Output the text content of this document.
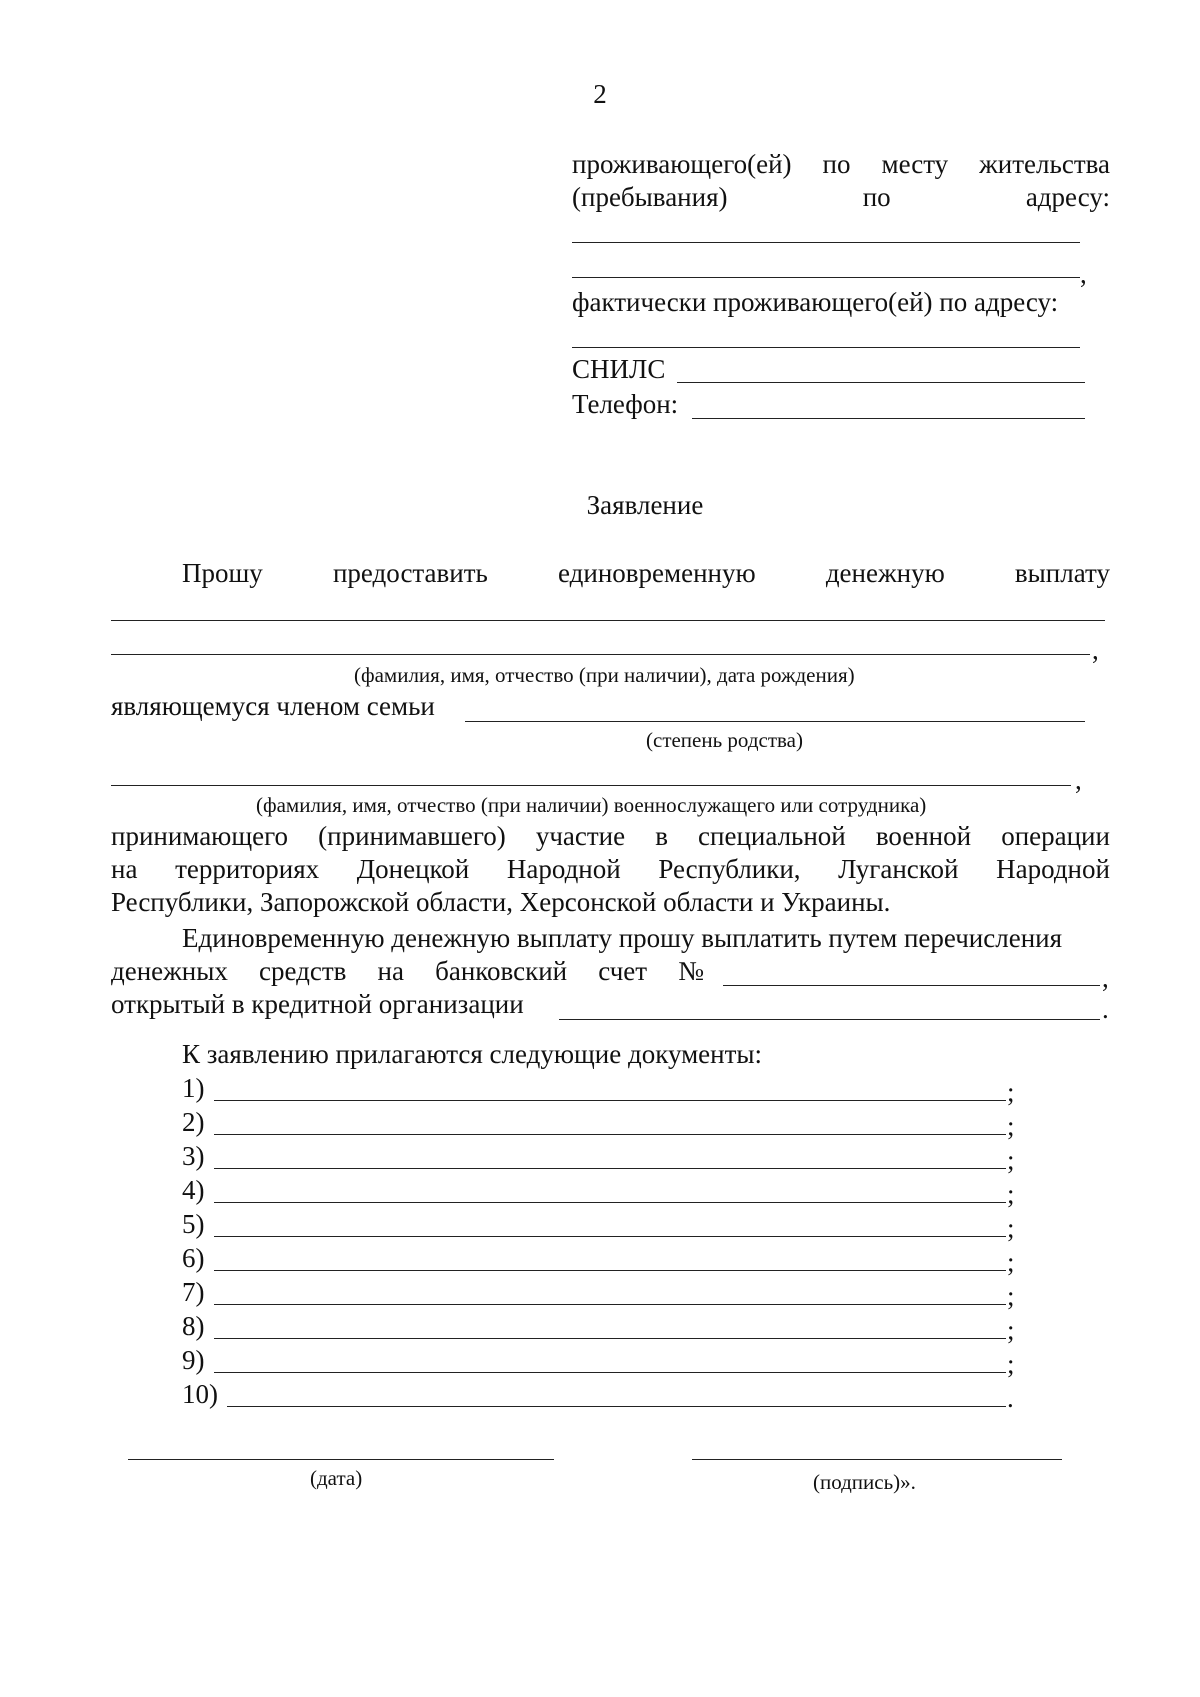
2
проживающего(ей) по месту жительства
(пребывания)	по	адресу:
,
фактически проживающего(ей) по адресу:
СНИЛС
Телефон:
Заявление
Прошу	предоставить	единовременную	денежную	выплату
,
(фамилия, имя, отчество (при наличии), дата рождения)
являющемуся членом семьи
(степень родства)
,
(фамилия, имя, отчество (при наличии) военнослужащего или сотрудника)
принимающего (принимавшего) участие в специальной военной операции
на территориях Донецкой Народной Республики, Луганской Народной
Республики, Запорожской области, Херсонской области и Украины.
Единовременную денежную выплату прошу выплатить путем перечисления
денежных средств на банковский счет №	,
открытый в кредитной организации	.
К заявлению прилагаются следующие документы:
1)	;
2)	;
3)	;
4)	;
5)	;
6)	;
7)	;
8)	;
9)	;
10)	.
(дата)	(подпись)».
